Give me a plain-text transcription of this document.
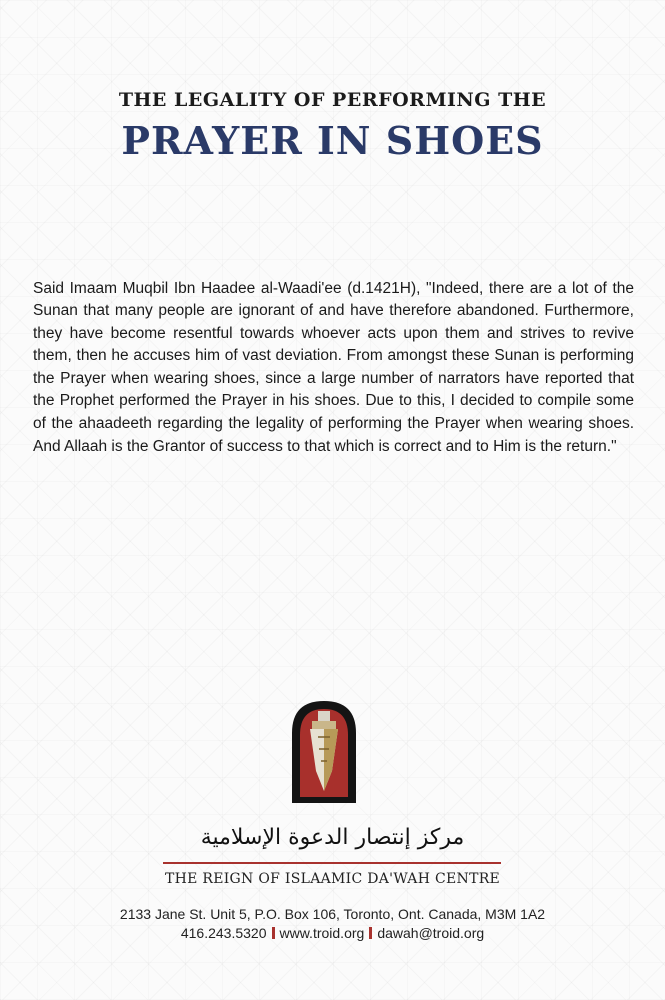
THE LEGALITY OF PERFORMING THE
PRAYER IN SHOES

Said Imaam Muqbil Ibn Haadee al-Waadi'ee (d.1421H), "Indeed, there are a lot of the Sunan that many people are ignorant of and have therefore abandoned. Furthermore, they have become resentful towards whoever acts upon them and strives to revive them, then he accuses him of vast deviation. From amongst these Sunan is performing the Prayer when wearing shoes, since a large number of narrators have reported that the Prophet performed the Prayer in his shoes. Due to this, I decided to compile some of the ahaadeeth regarding the legality of performing the Prayer when wearing shoes. And Allaah is the Grantor of success to that which is correct and to Him is the return."

مركز إنتصار الدعوة الإسلامية
THE REIGN OF ISLAAMIC DA'WAH CENTRE
2133 Jane St. Unit 5, P.O. Box 106, Toronto, Ont. Canada, M3M 1A2
416.243.5320 www.troid.org dawah@troid.org
